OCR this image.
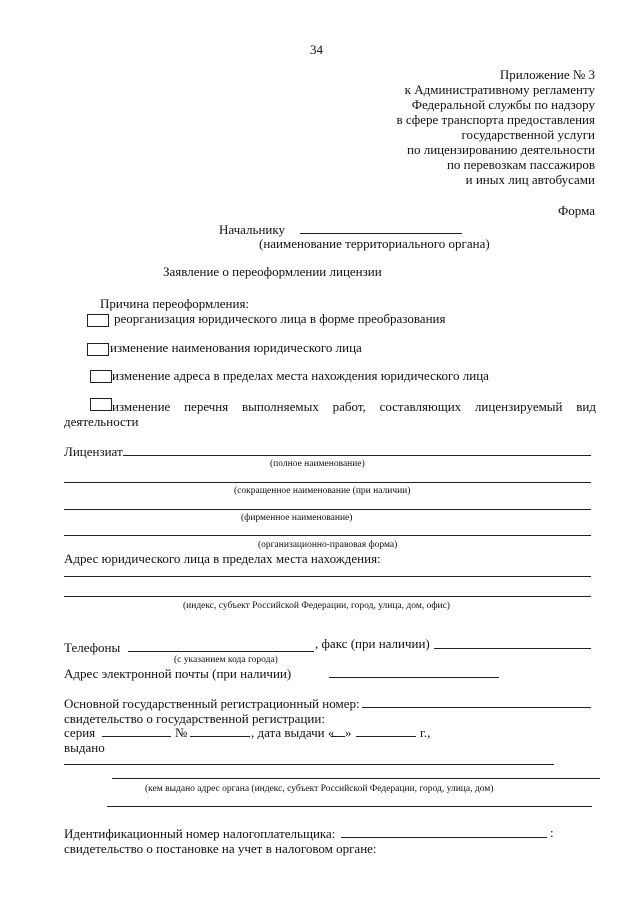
34
Приложение № 3
к Административному регламенту
Федеральной службы по надзору
в сфере транспорта предоставления
государственной услуги
по лицензированию деятельности
по перевозкам пассажиров
и иных лиц автобусами
Форма
Начальнику
(наименование территориального органа)
Заявление о переоформлении лицензии
Причина переоформления:
реорганизация юридического лица в форме преобразования
изменение наименования юридического лица
изменение адреса в пределах места нахождения юридического лица
изменение перечня выполняемых работ, составляющих лицензируемый вид
деятельности
Лицензиат
(полное наименование)
(сокращенное наименование (при наличии)
(фирменное наименование)
(организационно-правовая форма)
Адрес юридического лица в пределах места нахождения:
(индекс, субъект Российской Федерации, город, улица, дом, офис)
Телефоны	, факс (при наличии)
(с указанием кода города)
Адрес электронной почты (при наличии)
Основной государственный регистрационный номер:
свидетельство о государственной регистрации:
серия	№	, дата выдачи « »	г.,
выдано
(кем выдано адрес органа (индекс, субъект Российской Федерации, город, улица, дом)
Идентификационный номер налогоплательщика:	:
свидетельство о постановке на учет в налоговом органе:
